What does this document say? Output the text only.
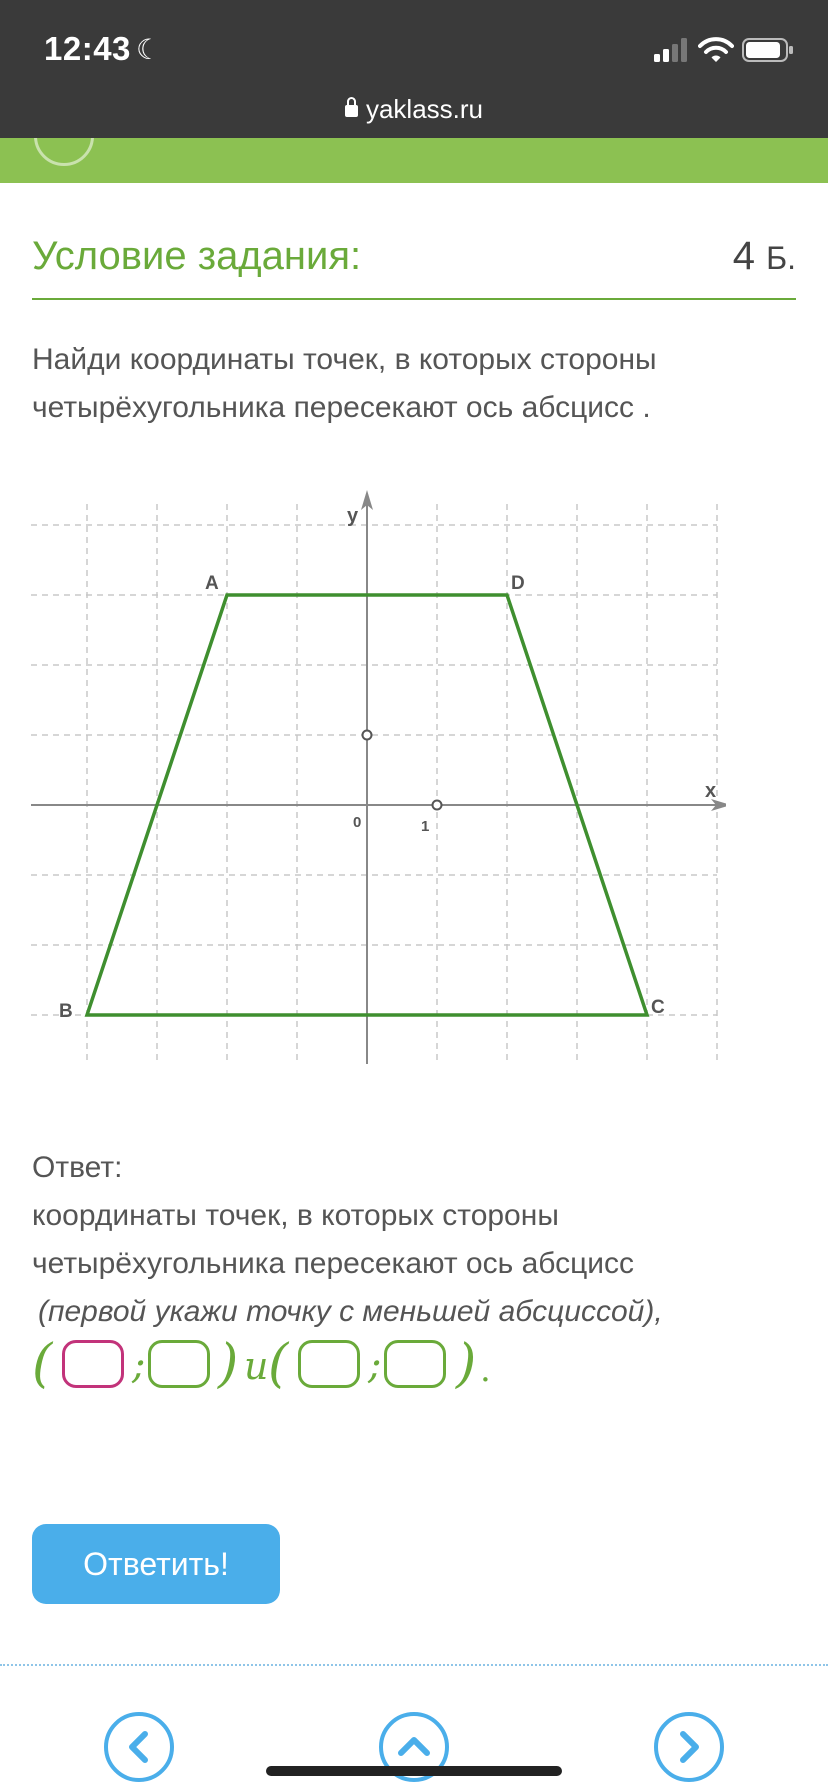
12:43 ☾
yaklass.ru
Условие задания:	4 Б.
Найди координаты точек, в которых стороны четырёхугольника пересекают ось абсцисс .
A	D
C
B
x
y
0	1
Ответ:
координаты точек, в которых стороны четырёхугольника пересекают ось абсцисс
(первой укажи точку с меньшей абсциссой),
( ; ) и ( ; ) .
Ответить!
